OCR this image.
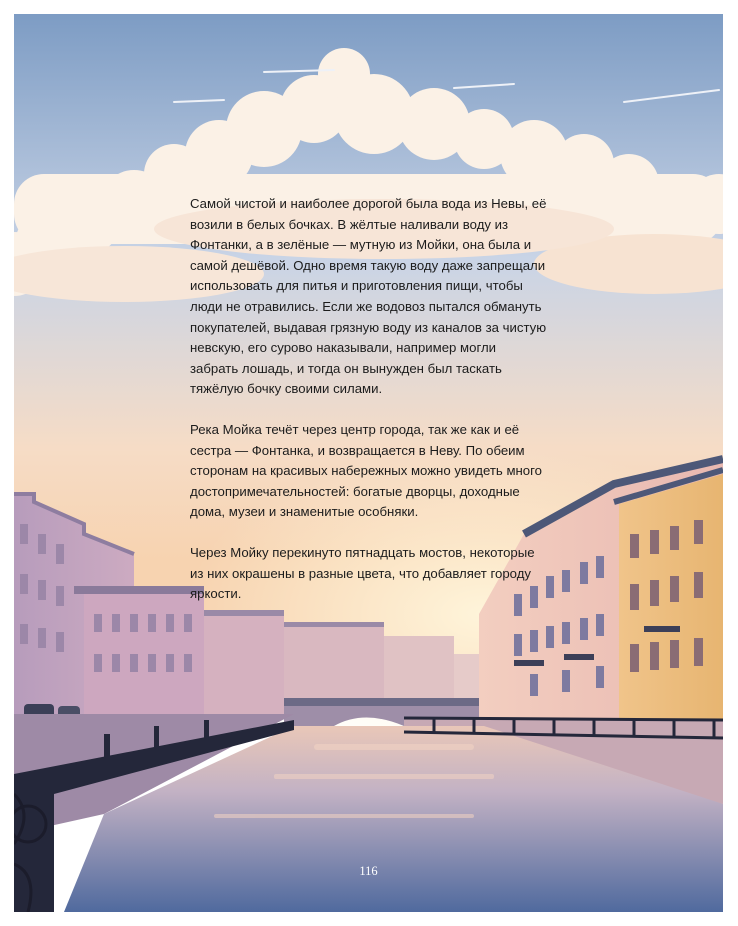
Самой чистой и наиболее дорогой была вода из Невы, её
возили в белых бочках. В жёлтые наливали воду из
Фонтанки, а в зелёные — мутную из Мойки, она была и
самой дешёвой. Одно время такую воду даже запрещали
использовать для питья и приготовления пищи, чтобы
люди не отравились. Если же водовоз пытался обмануть
покупателей, выдавая грязную воду из каналов за чистую
невскую, его сурово наказывали, например могли
забрать лошадь, и тогда он вынужден был таскать
тяжёлую бочку своими силами.

Река Мойка течёт через центр города, так же как и её
сестра — Фонтанка, и возвращается в Неву. По обеим
сторонам на красивых набережных можно увидеть много
достопримечательностей: богатые дворцы, доходные
дома, музеи и знаменитые особняки.

Через Мойку перекинуто пятнадцать мостов, некоторые
из них окрашены в разные цвета, что добавляет городу
яркости.

116
